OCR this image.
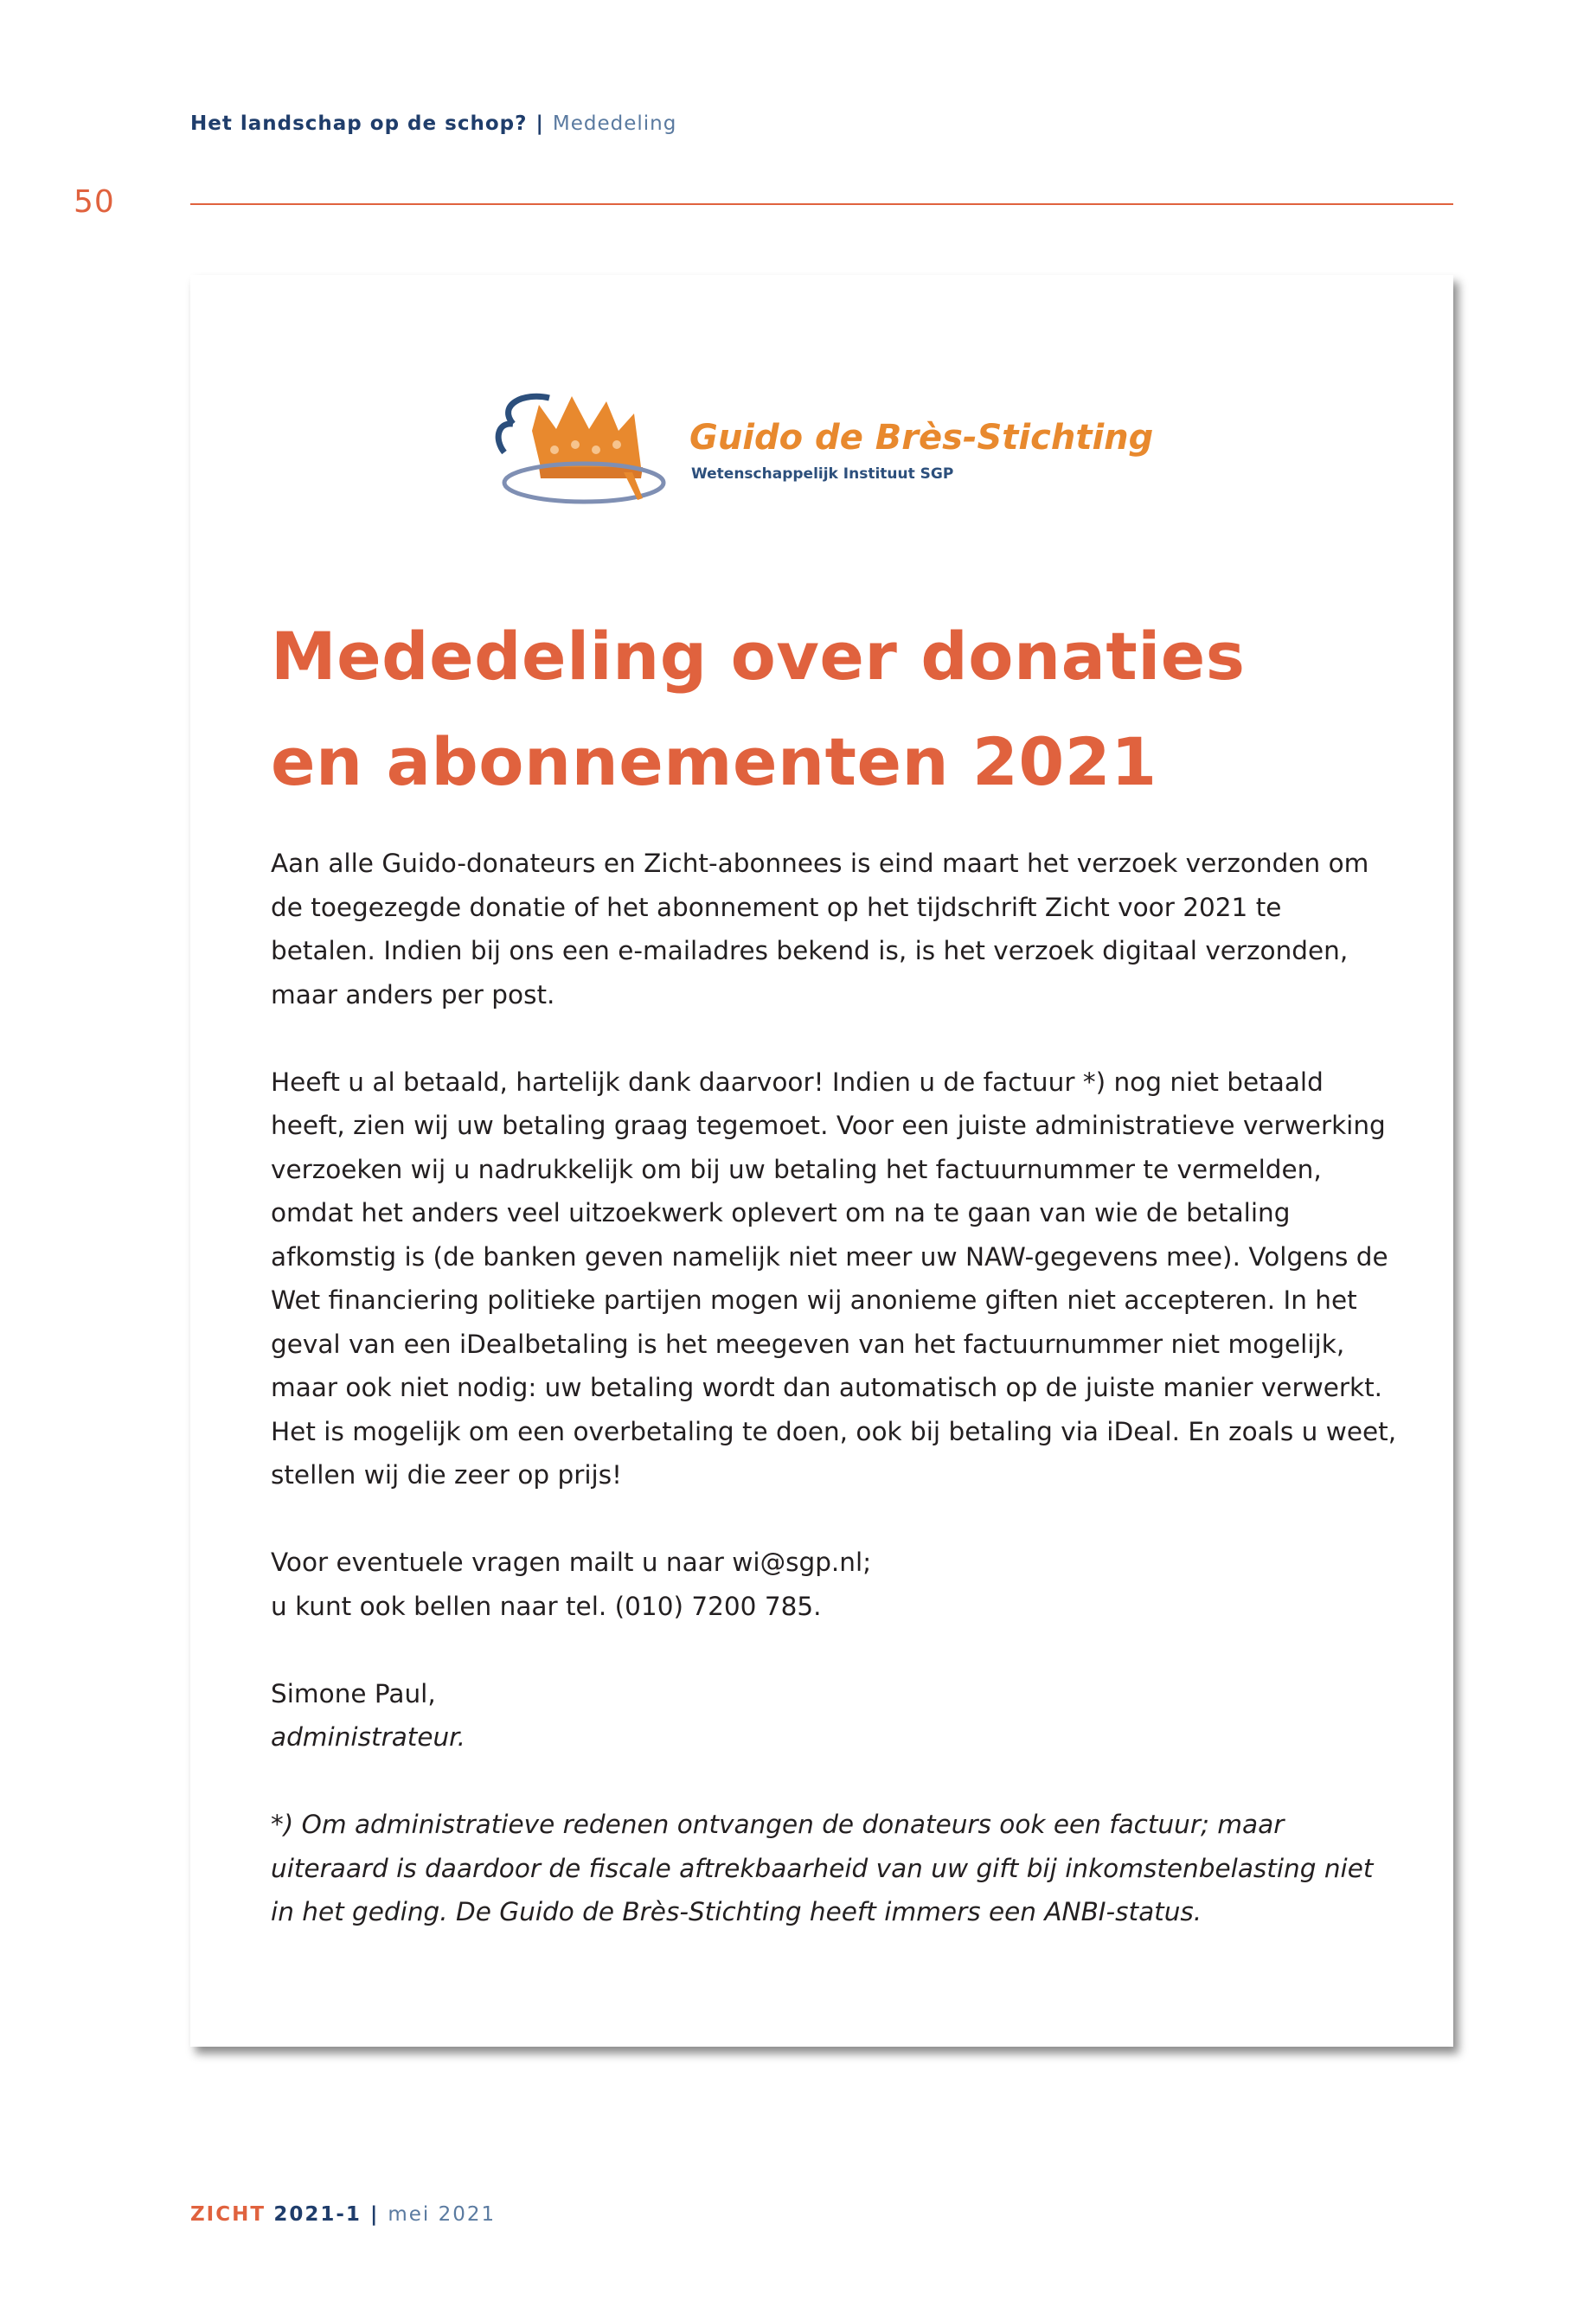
Het landschap op de schop? | Mededeling
50
Guido de Brès-Stichting
Wetenschappelijk Instituut SGP
Mededeling over donaties
en abonnementen 2021

Aan alle Guido-donateurs en Zicht-abonnees is eind maart het verzoek verzonden om
de toegezegde donatie of het abonnement op het tijdschrift Zicht voor 2021 te
betalen. Indien bij ons een e-mailadres bekend is, is het verzoek digitaal verzonden,
maar anders per post.

Heeft u al betaald, hartelijk dank daarvoor! Indien u de factuur *) nog niet betaald
heeft, zien wij uw betaling graag tegemoet. Voor een juiste administratieve verwerking
verzoeken wij u nadrukkelijk om bij uw betaling het factuurnummer te vermelden,
omdat het anders veel uitzoekwerk oplevert om na te gaan van wie de betaling
afkomstig is (de banken geven namelijk niet meer uw NAW-gegevens mee). Volgens de
Wet financiering politieke partijen mogen wij anonieme giften niet accepteren. In het
geval van een iDealbetaling is het meegeven van het factuurnummer niet mogelijk,
maar ook niet nodig: uw betaling wordt dan automatisch op de juiste manier verwerkt.
Het is mogelijk om een overbetaling te doen, ook bij betaling via iDeal. En zoals u weet,
stellen wij die zeer op prijs!

Voor eventuele vragen mailt u naar wi@sgp.nl;
u kunt ook bellen naar tel. (010) 7200 785.

Simone Paul,
administrateur.

*) Om administratieve redenen ontvangen de donateurs ook een factuur; maar
uiteraard is daardoor de fiscale aftrekbaarheid van uw gift bij inkomstenbelasting niet
in het geding. De Guido de Brès-Stichting heeft immers een ANBI-status.

ZICHT 2021-1 | mei 2021
